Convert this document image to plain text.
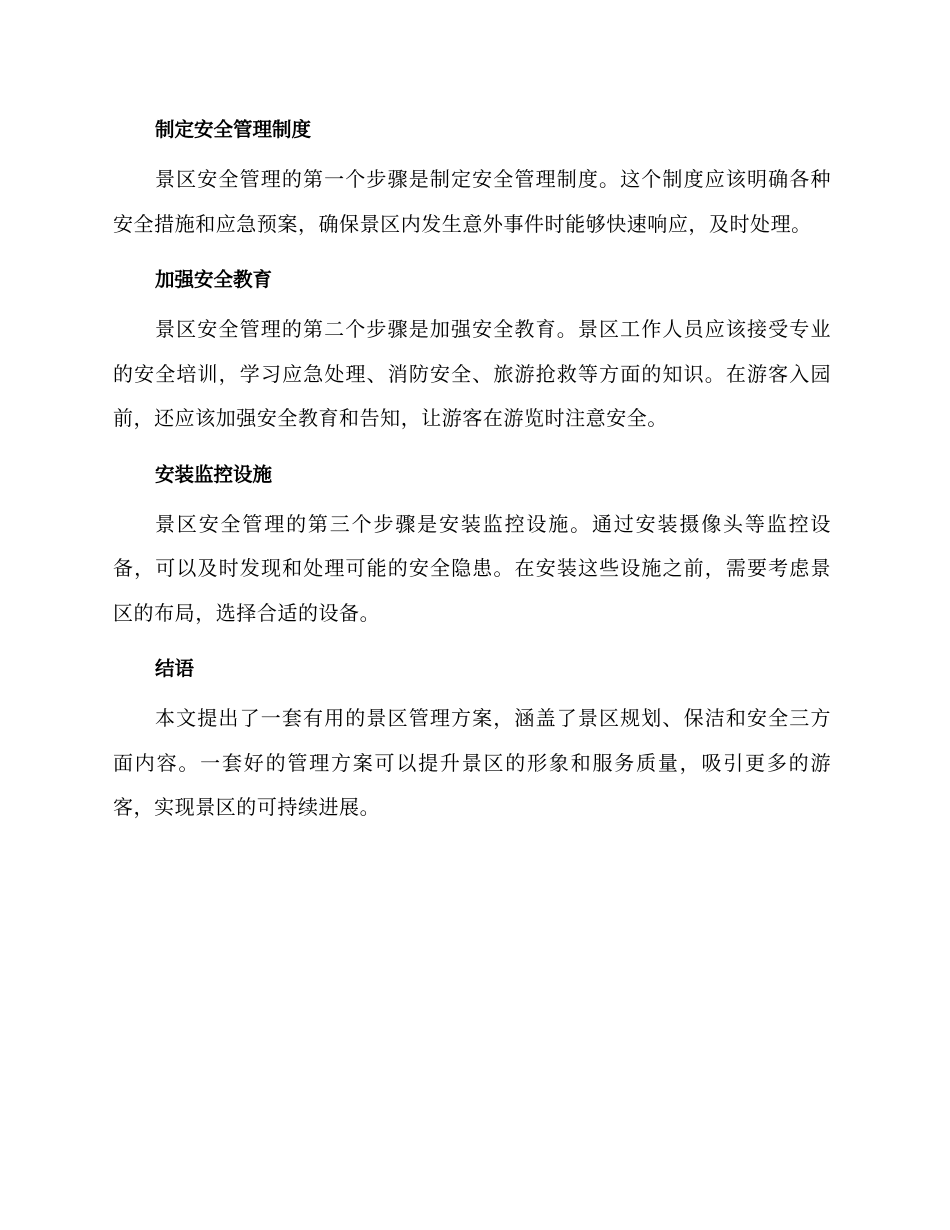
制定安全管理制度

景区安全管理的第一个步骤是制定安全管理制度。这个制度应该明确各种安全措施和应急预案，确保景区内发生意外事件时能够快速响应，及时处理。

加强安全教育

景区安全管理的第二个步骤是加强安全教育。景区工作人员应该接受专业的安全培训，学习应急处理、消防安全、旅游抢救等方面的知识。在游客入园前，还应该加强安全教育和告知，让游客在游览时注意安全。

安装监控设施

景区安全管理的第三个步骤是安装监控设施。通过安装摄像头等监控设备，可以及时发现和处理可能的安全隐患。在安装这些设施之前，需要考虑景区的布局，选择合适的设备。

结语

本文提出了一套有用的景区管理方案，涵盖了景区规划、保洁和安全三方面内容。一套好的管理方案可以提升景区的形象和服务质量，吸引更多的游客，实现景区的可持续进展。
